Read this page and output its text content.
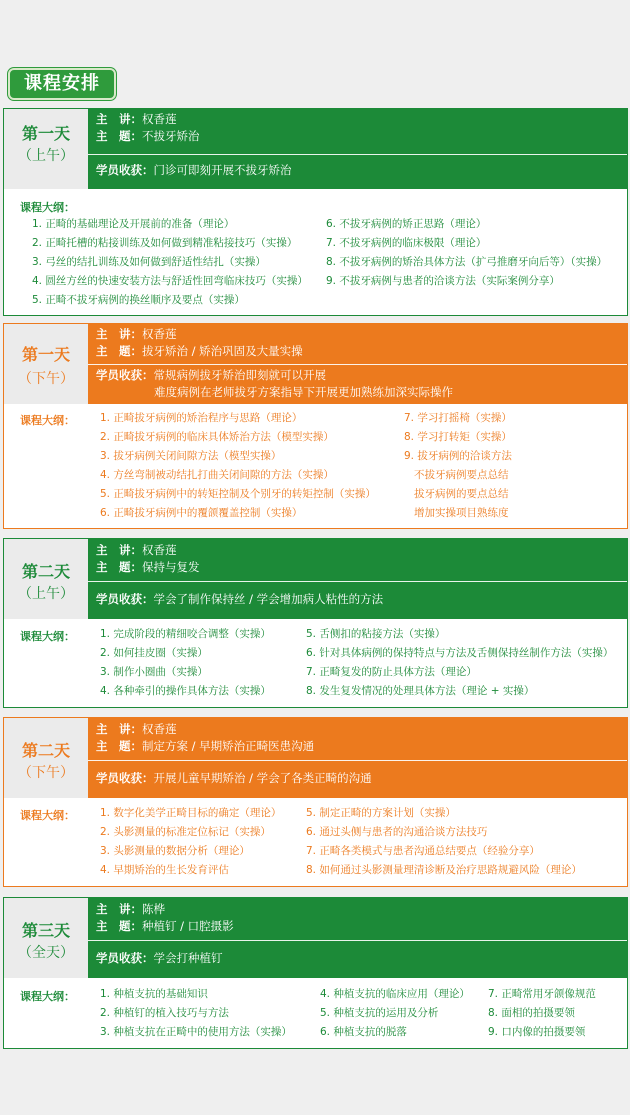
课程安排
第一天
（上午）
主　讲：权香莲
主　题：不拔牙矫治
学员收获：门诊可即刻开展不拔牙矫治
课程大纲：
1. 正畸的基础理论及开展前的准备（理论）
2. 正畸托槽的粘接训练及如何做到精准粘接技巧（实操）
3. 弓丝的结扎训练及如何做到舒适性结扎（实操）
4. 圆丝方丝的快速安装方法与舒适性回弯临床技巧（实操）
5. 正畸不拔牙病例的换丝顺序及要点（实操）
6. 不拔牙病例的矫正思路（理论）
7. 不拔牙病例的临床极限（理论）
8. 不拔牙病例的矫治具体方法（扩弓推磨牙向后等）（实操）
9. 不拔牙病例与患者的洽谈方法（实际案例分享）
第一天
（下午）
主　讲：权香莲
主　题：拔牙矫治 / 矫治巩固及大量实操
学员收获：常规病例拔牙矫治即刻就可以开展
难度病例在老师拔牙方案指导下开展更加熟练加深实际操作
课程大纲： 1. 正畸拔牙病例的矫治程序与思路（理论）
2. 正畸拔牙病例的临床具体矫治方法（模型实操）
3. 拔牙病例关闭间隙方法（模型实操）
4. 方丝弯制被动结扎打曲关闭间隙的方法（实操）
5. 正畸拔牙病例中的转矩控制及个别牙的转矩控制（实操）
6. 正畸拔牙病例中的覆颌覆盖控制（实操）
7. 学习打摇椅（实操）
8. 学习打转矩（实操）
9. 拔牙病例的洽谈方法
不拔牙病例要点总结
拔牙病例的要点总结
增加实操项目熟练度
第二天
（上午）
主　讲：权香莲
主　题：保持与复发
学员收获：学会了制作保持丝 / 学会增加病人粘性的方法
课程大纲： 1. 完成阶段的精细咬合调整（实操）
2. 如何挂皮圈（实操）
3. 制作小圈曲（实操）
4. 各种牵引的操作具体方法（实操）
5. 舌侧扣的粘接方法（实操）
6. 针对具体病例的保持特点与方法及舌侧保持丝制作方法（实操）
7. 正畸复发的防止具体方法（理论）
8. 发生复发情况的处理具体方法（理论 + 实操）
第二天
（下午）
主　讲：权香莲
主　题：制定方案 / 早期矫治正畸医患沟通
学员收获：开展儿童早期矫治 / 学会了各类正畸的沟通
课程大纲： 1. 数字化美学正畸目标的确定（理论）
2. 头影测量的标准定位标记（实操）
3. 头影测量的数据分析（理论）
4. 早期矫治的生长发育评估
5. 制定正畸的方案计划（实操）
6. 通过头侧与患者的沟通洽谈方法技巧
7. 正畸各类模式与患者沟通总结要点（经验分享）
8. 如何通过头影测量理清诊断及治疗思路规避风险（理论）
第三天
（全天）
主　讲：陈桦
主　题：种植钉 / 口腔摄影
学员收获：学会打种植钉
课程大纲： 1. 种植支抗的基础知识
2. 种植钉的植入技巧与方法
3. 种植支抗在正畸中的使用方法（实操）
4. 种植支抗的临床应用（理论）
5. 种植支抗的运用及分析
6. 种植支抗的脱落
7. 正畸常用牙颌像规范
8. 面相的拍摄要领
9. 口内像的拍摄要领
